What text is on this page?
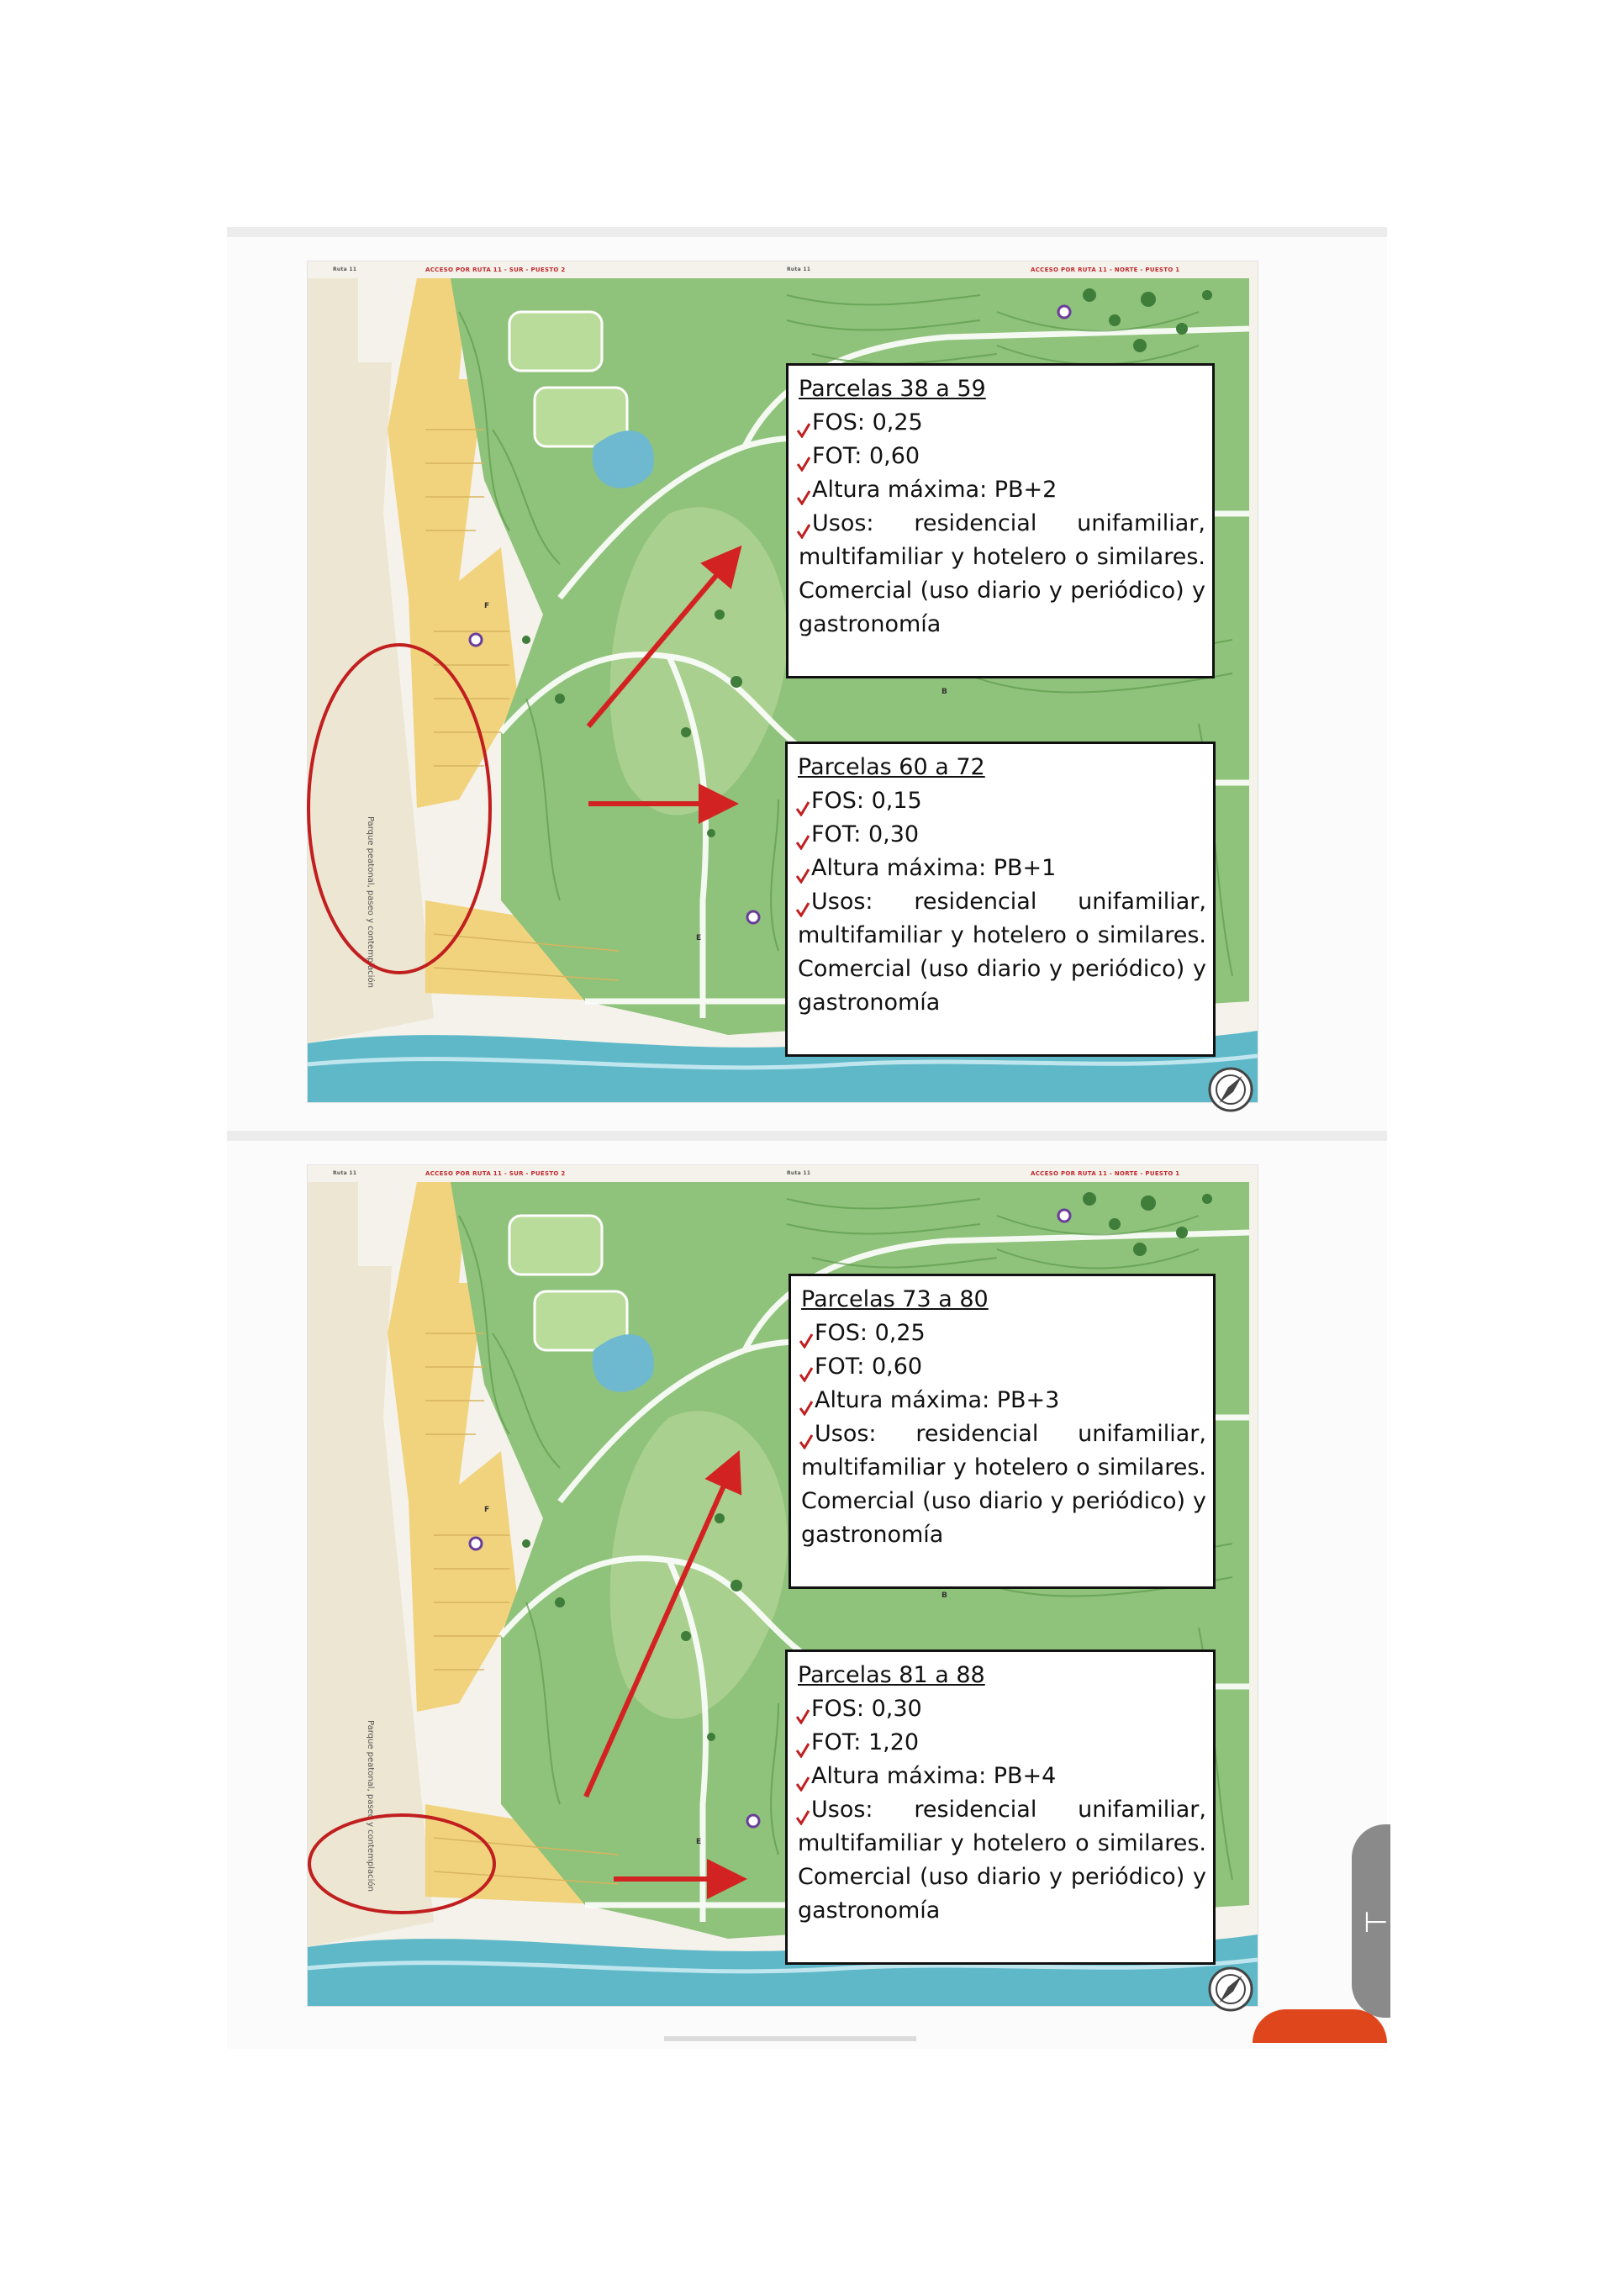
ACCESO POR RUTA 11 - SUR - PUESTO 2	ACCESO POR RUTA 11 - NORTE - PUESTO 1
Ruta 11	Ruta 11
F
B
E
Parque peatonal, paseo y contemplación
Parcelas 38 a 59
FOS: 0,25
FOT: 0,60
Altura máxima: PB+2
Usos: residencial unifamiliar, multifamiliar y hotelero o similares. Comercial (uso diario y periódico) y gastronomía
Parcelas 60 a 72
FOS: 0,15
FOT: 0,30
Altura máxima: PB+1
Usos: residencial unifamiliar, multifamiliar y hotelero o similares. Comercial (uso diario y periódico) y gastronomía
ACCESO POR RUTA 11 - SUR - PUESTO 2	ACCESO POR RUTA 11 - NORTE - PUESTO 1
Ruta 11	Ruta 11
F
B
E
Parque peatonal, paseo y contemplación
Parcelas 73 a 80
FOS: 0,25
FOT: 0,60
Altura máxima: PB+3
Usos: residencial unifamiliar, multifamiliar y hotelero o similares. Comercial (uso diario y periódico) y gastronomía
Parcelas 81 a 88
FOS: 0,30
FOT: 1,20
Altura máxima: PB+4
Usos: residencial unifamiliar, multifamiliar y hotelero o similares. Comercial (uso diario y periódico) y gastronomía	⊢
